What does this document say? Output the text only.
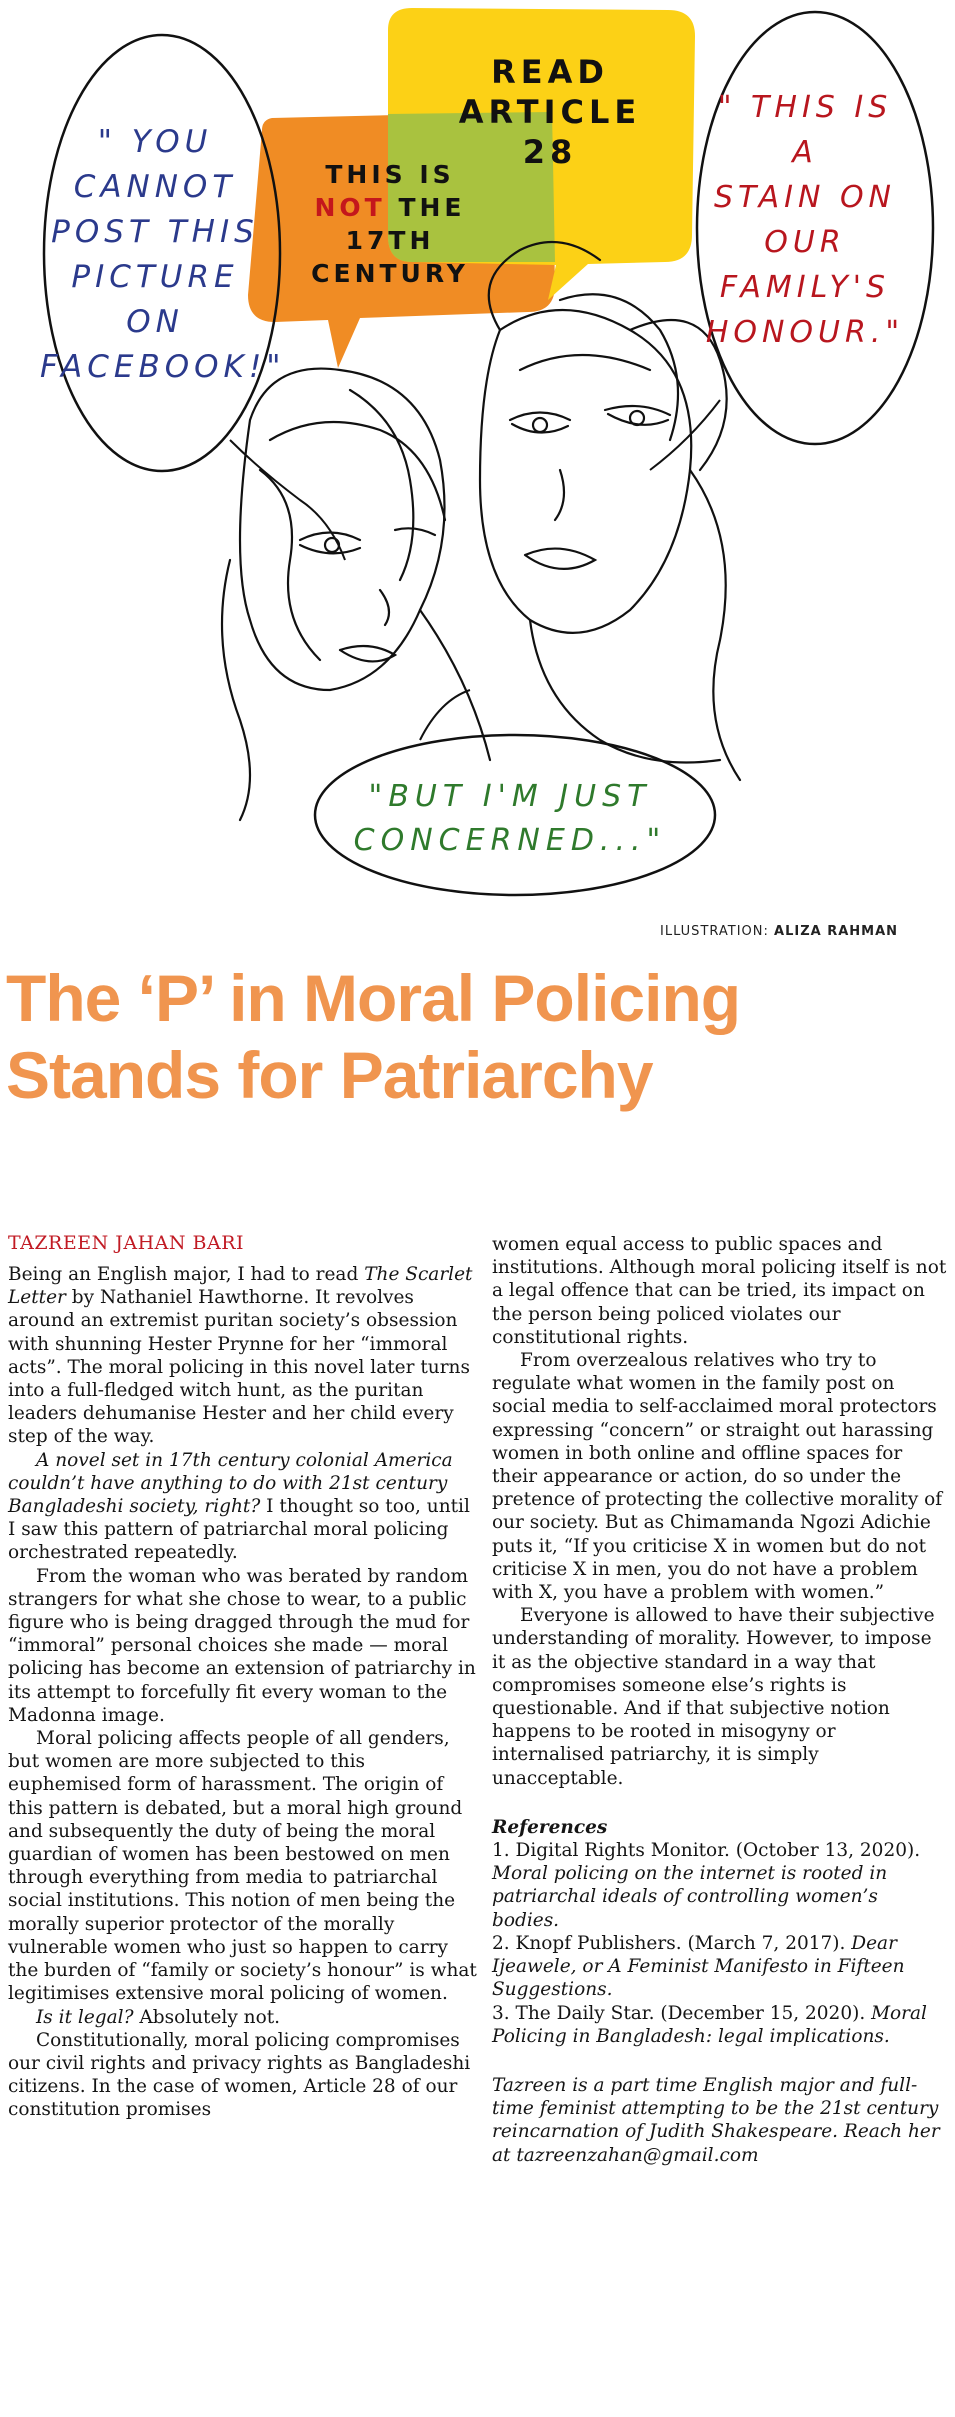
" YOU
CANNOT
POST THIS
PICTURE
ON
FACEBOOK!"
" THIS IS
A
STAIN ON
OUR
FAMILY'S
HONOUR."
"BUT I'M JUST
CONCERNED..."
READ
ARTICLE
28
THIS IS
NOT THE
17TH
CENTURY
ILLUSTRATION: ALIZA RAHMAN
The ‘P’ in Moral Policing
Stands for Patriarchy
TAZREEN JAHAN BARI

Being an English major, I had to read The Scarlet Letter by Nathaniel Hawthorne. It revolves around an extremist puritan society’s obsession with shunning Hester Prynne for her “immoral acts”. The moral policing in this novel later turns into a full-fledged witch hunt, as the puritan leaders dehumanise Hester and her child every step of the way.

A novel set in 17th century colonial America couldn’t have anything to do with 21st century Bangladeshi society, right? I thought so too, until I saw this pattern of patriarchal moral policing orchestrated repeatedly.

From the woman who was berated by random strangers for what she chose to wear, to a public figure who is being dragged through the mud for “immoral” personal choices she made — moral policing has become an extension of patriarchy in its attempt to forcefully fit every woman to the Madonna image.

Moral policing affects people of all genders, but women are more subjected to this euphemised form of harassment. The origin of this pattern is debated, but a moral high ground and subsequently the duty of being the moral guardian of women has been bestowed on men through everything from media to patriarchal social institutions. This notion of men being the morally superior protector of the morally vulnerable women who just so happen to carry the burden of “family or society’s honour” is what legitimises extensive moral policing of women.

Is it legal? Absolutely not.

Constitutionally, moral policing compromises our civil rights and privacy rights as Bangladeshi citizens. In the case of women, Article 28 of our constitution promises

women equal access to public spaces and institutions. Although moral policing itself is not a legal offence that can be tried, its impact on the person being policed violates our constitutional rights.

From overzealous relatives who try to regulate what women in the family post on social media to self-acclaimed moral protectors expressing “concern” or straight out harassing women in both online and offline spaces for their appearance or action, do so under the pretence of protecting the collective morality of our society. But as Chimamanda Ngozi Adichie puts it, “If you criticise X in women but do not criticise X in men, you do not have a problem with X, you have a problem with women.”

Everyone is allowed to have their subjective understanding of morality. However, to impose it as the objective standard in a way that compromises someone else’s rights is questionable. And if that subjective notion happens to be rooted in misogyny or internalised patriarchy, it is simply unacceptable.

References

1. Digital Rights Monitor. (October 13, 2020). Moral policing on the internet is rooted in patriarchal ideals of controlling women’s bodies.

2. Knopf Publishers. (March 7, 2017). Dear Ijeawele, or A Feminist Manifesto in Fifteen Suggestions.

3. The Daily Star. (December 15, 2020). Moral Policing in Bangladesh: legal implications.

Tazreen is a part time English major and full-time feminist attempting to be the 21st century reincarnation of Judith Shakespeare. Reach her at tazreenzahan@gmail.com
